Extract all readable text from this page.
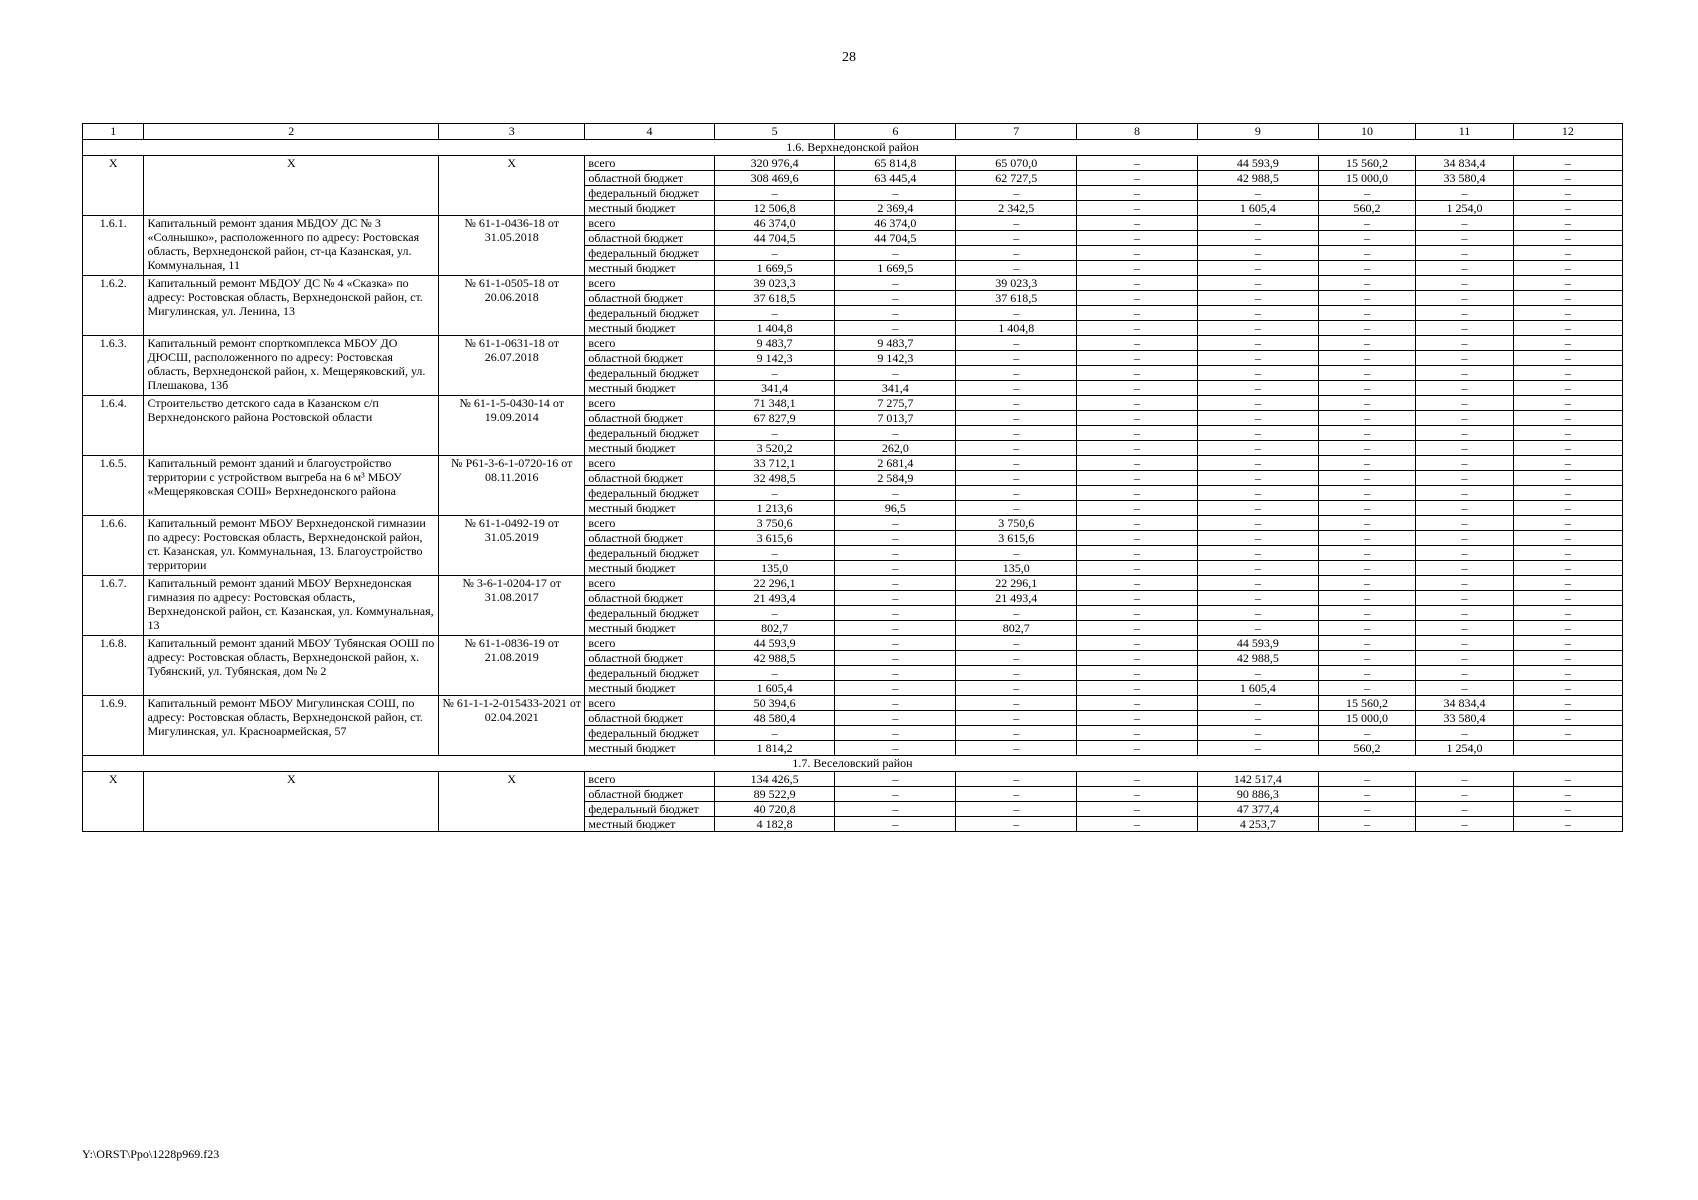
28
1	2	3	4	5	6	7	8	9	10	11	12
1.6. Верхнедонской район											
Х	Х	Х	всего	320 976,4	65 814,8	65 070,0	–	44 593,9	15 560,2	34 834,4	–
			областной бюджет	308 469,6	63 445,4	62 727,5	–	42 988,5	15 000,0	33 580,4	–
			федеральный бюджет	–	–	–	–	–	–	–	–
			местный бюджет	12 506,8	2 369,4	2 342,5	–	1 605,4	560,2	1 254,0	–
1.6.1.	Капитальный ремонт здания МБДОУ ДС № 3 «Солнышко», расположенного по адресу: Ростовская область, Верхнедонской район, ст-ца Казанская, ул. Коммунальная, 11	№ 61-1-0436-18 от 31.05.2018	всего	46 374,0	46 374,0	–	–	–	–	–	–
			областной бюджет	44 704,5	44 704,5	–	–	–	–	–	–
			федеральный бюджет	–	–	–	–	–	–	–	–
			местный бюджет	1 669,5	1 669,5	–	–	–	–	–	–
1.6.2.	Капитальный ремонт МБДОУ ДС № 4 «Сказка» по адресу: Ростовская область, Верхнедонской район, ст. Мигулинская, ул. Ленина, 13	№ 61-1-0505-18 от 20.06.2018	всего	39 023,3	–	39 023,3	–	–	–	–	–
			областной бюджет	37 618,5	–	37 618,5	–	–	–	–	–
			федеральный бюджет	–	–	–	–	–	–	–	–
			местный бюджет	1 404,8	–	1 404,8	–	–	–	–	–
1.6.3.	Капитальный ремонт спорткомплекса МБОУ ДО ДЮСШ, расположенного по адресу: Ростовская область, Верхнедонской район, х. Мещеряковский, ул. Плешакова, 13б	№ 61-1-0631-18 от 26.07.2018	всего	9 483,7	9 483,7	–	–	–	–	–	–
			областной бюджет	9 142,3	9 142,3	–	–	–	–	–	–
			федеральный бюджет	–	–	–	–	–	–	–	–
			местный бюджет	341,4	341,4	–	–	–	–	–	–
1.6.4.	Строительство детского сада в Казанском с/п Верхнедонского района Ростовской области	№ 61-1-5-0430-14 от 19.09.2014	всего	71 348,1	7 275,7	–	–	–	–	–	–
			областной бюджет	67 827,9	7 013,7	–	–	–	–	–	–
			федеральный бюджет	–	–	–	–	–	–	–	–
			местный бюджет	3 520,2	262,0	–	–	–	–	–	–
1.6.5.	Капитальный ремонт зданий и благоустройство территории с устройством выгреба на 6 м³ МБОУ «Мещеряковская СОШ» Верхнедонского района	№ Р61-3-6-1-0720-16 от 08.11.2016	всего	33 712,1	2 681,4	–	–	–	–	–	–
			областной бюджет	32 498,5	2 584,9	–	–	–	–	–	–
			федеральный бюджет	–	–	–	–	–	–	–	–
			местный бюджет	1 213,6	96,5	–	–	–	–	–	–
1.6.6.	Капитальный ремонт МБОУ Верхнедонской гимназии по адресу: Ростовская область, Верхнедонской район, ст. Казанская, ул. Коммунальная, 13. Благоустройство территории	№ 61-1-0492-19 от 31.05.2019	всего	3 750,6	–	3 750,6	–	–	–	–	–
			областной бюджет	3 615,6	–	3 615,6	–	–	–	–	–
			федеральный бюджет	–	–	–	–	–	–	–	–
			местный бюджет	135,0	–	135,0	–	–	–	–	–
1.6.7.	Капитальный ремонт зданий МБОУ Верхнедонская гимназия по адресу: Ростовская область, Верхнедонской район, ст. Казанская, ул. Коммунальная, 13	№ 3-6-1-0204-17 от 31.08.2017	всего	22 296,1	–	22 296,1	–	–	–	–	–
			областной бюджет	21 493,4	–	21 493,4	–	–	–	–	–
			федеральный бюджет	–	–	–	–	–	–	–	–
			местный бюджет	802,7	–	802,7	–	–	–	–	–
1.6.8.	Капитальный ремонт зданий МБОУ Тубянская ООШ по адресу: Ростовская область, Верхнедонской район, х. Тубянский, ул. Тубянская, дом № 2	№ 61-1-0836-19 от 21.08.2019	всего	44 593,9	–	–	–	44 593,9	–	–	–
			областной бюджет	42 988,5	–	–	–	42 988,5	–	–	–
			федеральный бюджет	–	–	–	–	–	–	–	–
			местный бюджет	1 605,4	–	–	–	1 605,4	–	–	–
1.6.9.	Капитальный ремонт МБОУ Мигулинская СОШ, по адресу: Ростовская область, Верхнедонской район, ст. Мигулинская, ул. Красноармейская, 57	№ 61-1-1-2-015433-2021 от 02.04.2021	всего	50 394,6	–	–	–	–	15 560,2	34 834,4	–
			областной бюджет	48 580,4	–	–	–	–	15 000,0	33 580,4	–
			федеральный бюджет	–	–	–	–	–	–	–	–
			местный бюджет	1 814,2	–	–	–	–	560,2	1 254,0	
1.7. Веселовский район											
Х	Х	Х	всего	134 426,5	–	–	–	142 517,4	–	–	–
			областной бюджет	89 522,9	–	–	–	90 886,3	–	–	–
			федеральный бюджет	40 720,8	–	–	–	47 377,4	–	–	–
			местный бюджет	4 182,8	–	–	–	4 253,7	–	–	–
Y:\ORST\Ppo\1228p969.f23
